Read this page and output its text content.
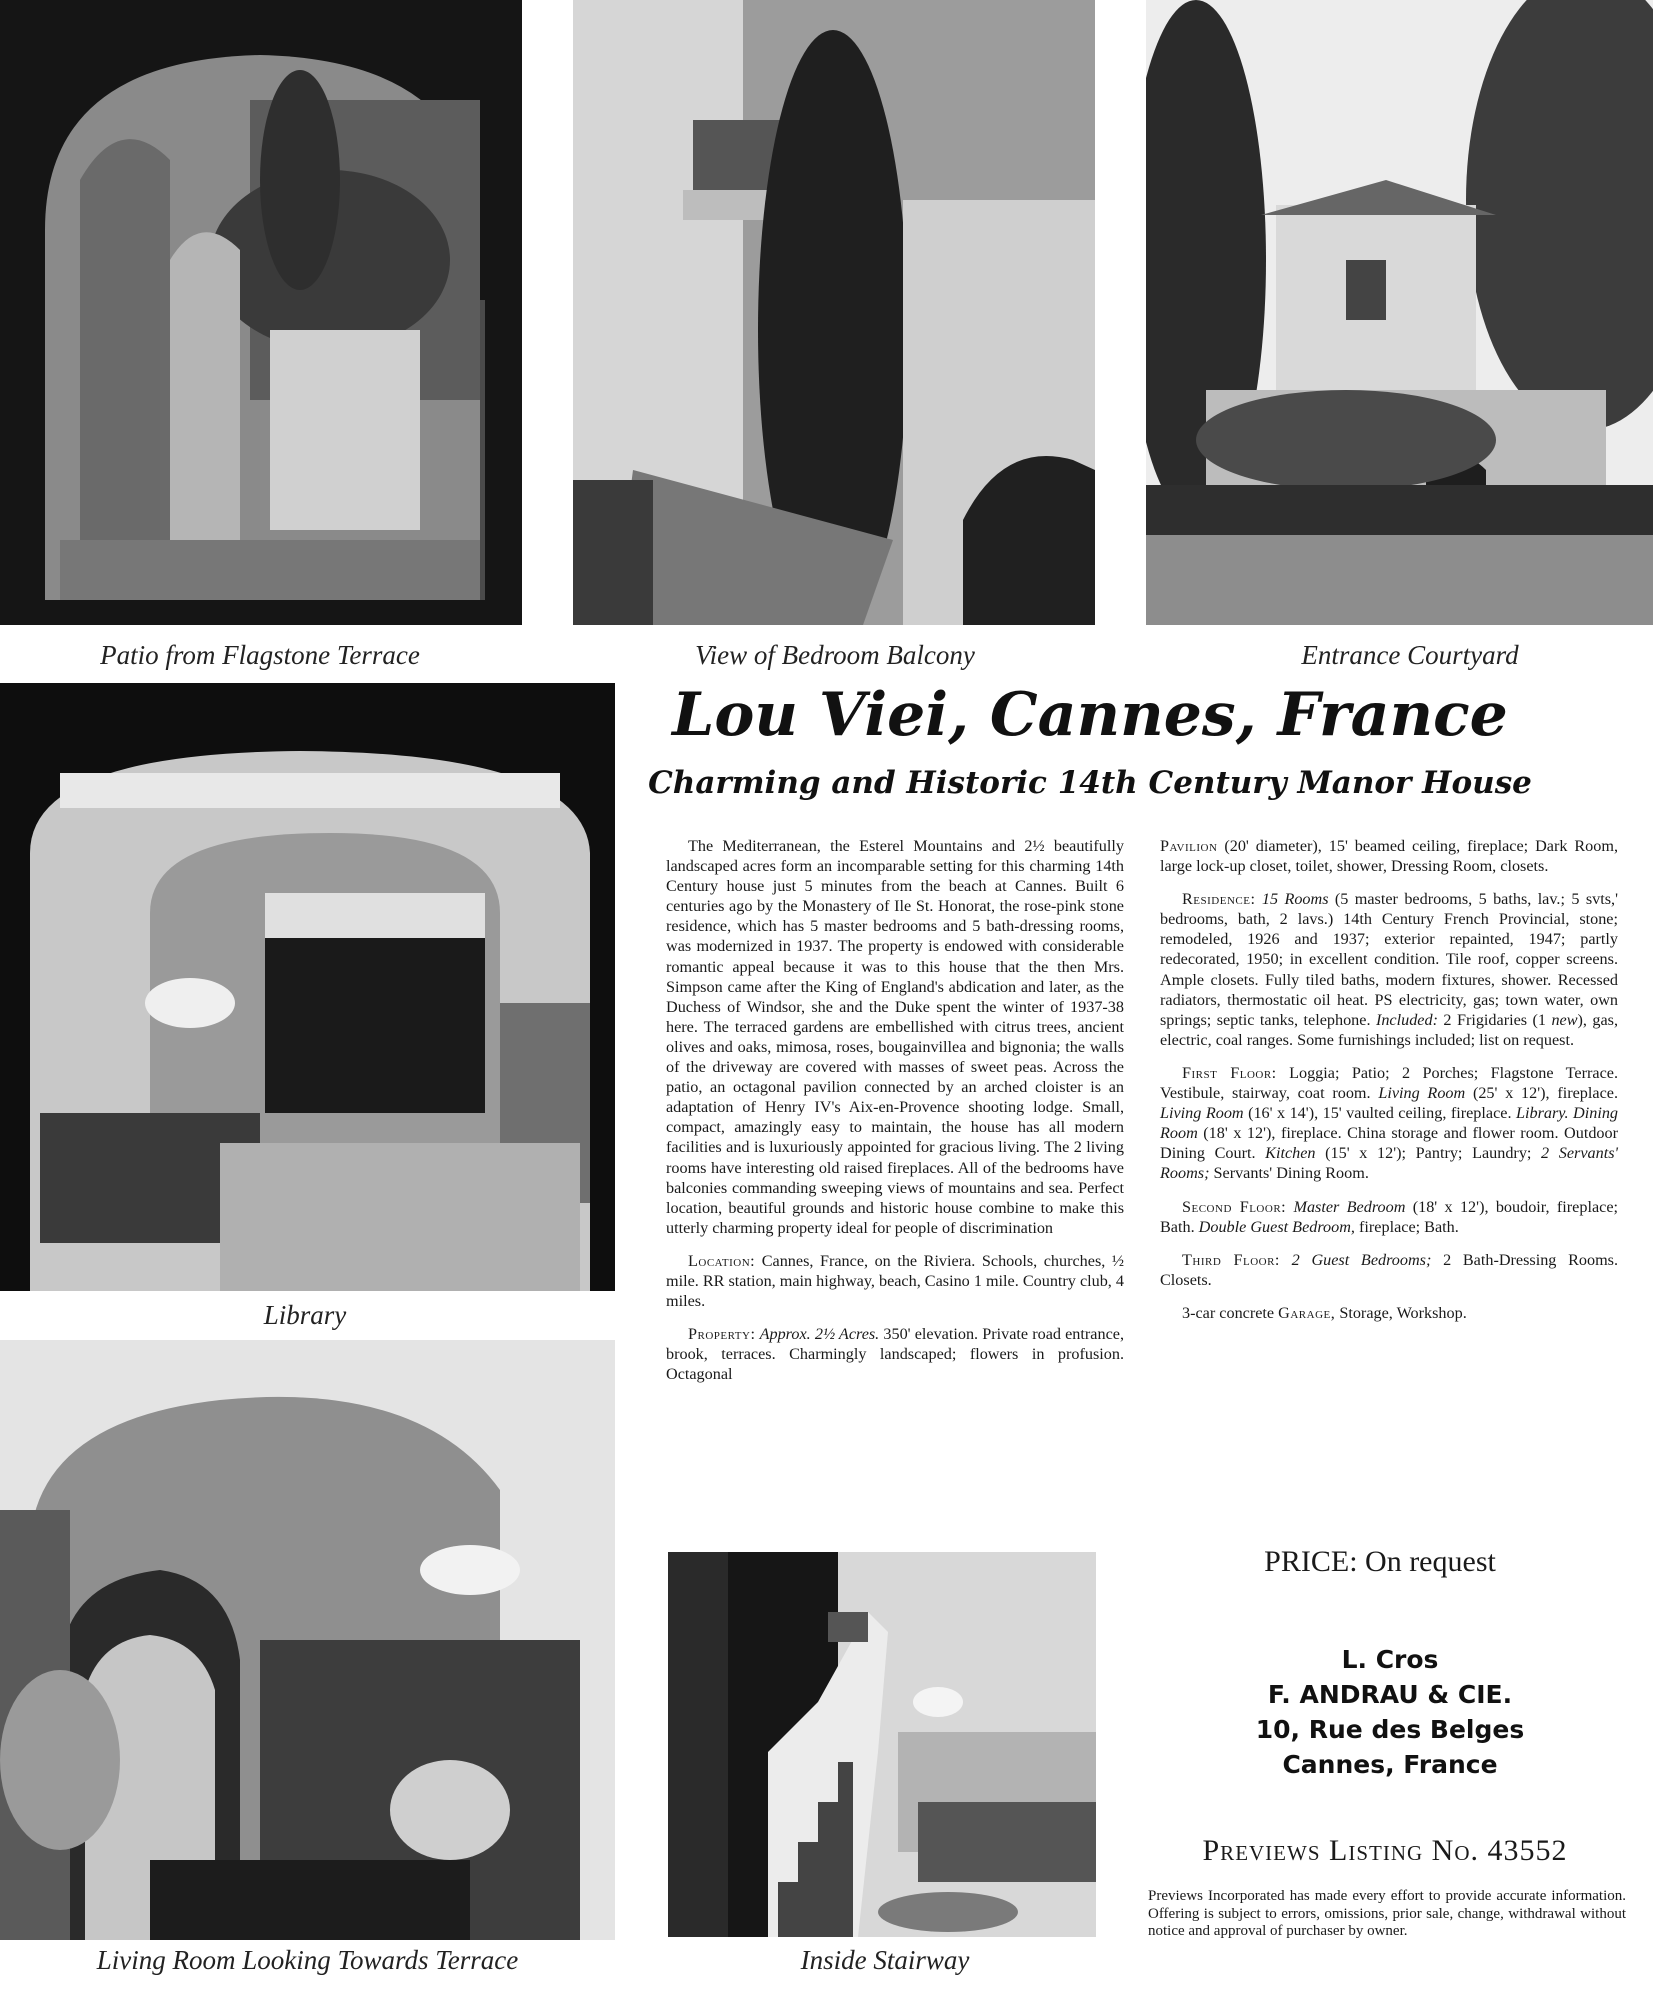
Patio from Flagstone Terrace	View of Bedroom Balcony	Entrance Courtyard
Library
Living Room Looking Towards Terrace	Inside Stairway
Lou Viei, Cannes, France
Charming and Historic 14th Century Manor House

The Mediterranean, the Esterel Mountains and 2½ beautifully landscaped acres form an incomparable setting for this charming 14th Century house just 5 minutes from the beach at Cannes. Built 6 centuries ago by the Monastery of Ile St. Honorat, the rose-pink stone residence, which has 5 master bedrooms and 5 bath-dressing rooms, was modernized in 1937. The property is endowed with considerable romantic appeal because it was to this house that the then Mrs. Simpson came after the King of England's abdication and later, as the Duchess of Windsor, she and the Duke spent the winter of 1937-38 here. The terraced gardens are embellished with citrus trees, ancient olives and oaks, mimosa, roses, bougainvillea and bignonia; the walls of the driveway are covered with masses of sweet peas. Across the patio, an octagonal pavilion connected by an arched cloister is an adaptation of Henry IV's Aix-en-Provence shooting lodge. Small, compact, amazingly easy to maintain, the house has all modern facilities and is luxuriously appointed for gracious living. The 2 living rooms have interesting old raised fireplaces. All of the bedrooms have balconies commanding sweeping views of mountains and sea. Perfect location, beautiful grounds and historic house combine to make this utterly charming property ideal for people of discrimination

Location: Cannes, France, on the Riviera. Schools, churches, ½ mile. RR station, main highway, beach, Casino 1 mile. Country club, 4 miles.

Property: Approx. 2½ Acres. 350' elevation. Private road entrance, brook, terraces. Charmingly landscaped; flowers in profusion. Octagonal

Pavilion (20' diameter), 15' beamed ceiling, fireplace; Dark Room, large lock-up closet, toilet, shower, Dressing Room, closets.

Residence: 15 Rooms (5 master bedrooms, 5 baths, lav.; 5 svts,' bedrooms, bath, 2 lavs.) 14th Century French Provincial, stone; remodeled, 1926 and 1937; exterior repainted, 1947; partly redecorated, 1950; in excellent condition. Tile roof, copper screens. Ample closets. Fully tiled baths, modern fixtures, shower. Recessed radiators, thermostatic oil heat. PS electricity, gas; town water, own springs; septic tanks, telephone. Included: 2 Frigidaries (1 new), gas, electric, coal ranges. Some furnishings included; list on request.

First Floor: Loggia; Patio; 2 Porches; Flagstone Terrace. Vestibule, stairway, coat room. Living Room (25' x 12'), fireplace. Living Room (16' x 14'), 15' vaulted ceiling, fireplace. Library. Dining Room (18' x 12'), fireplace. China storage and flower room. Outdoor Dining Court. Kitchen (15' x 12'); Pantry; Laundry; 2 Servants' Rooms; Servants' Dining Room.

Second Floor: Master Bedroom (18' x 12'), boudoir, fireplace; Bath. Double Guest Bedroom, fireplace; Bath.

Third Floor: 2 Guest Bedrooms; 2 Bath-Dressing Rooms. Closets.

3-car concrete Garage, Storage, Workshop.

PRICE: On request
L. Cros
F. ANDRAU & CIE.
10, Rue des Belges
Cannes, France
Previews Listing No. 43552
Previews Incorporated has made every effort to provide accurate information. Offering is subject to errors, omissions, prior sale, change, withdrawal without notice and approval of purchaser by owner.
